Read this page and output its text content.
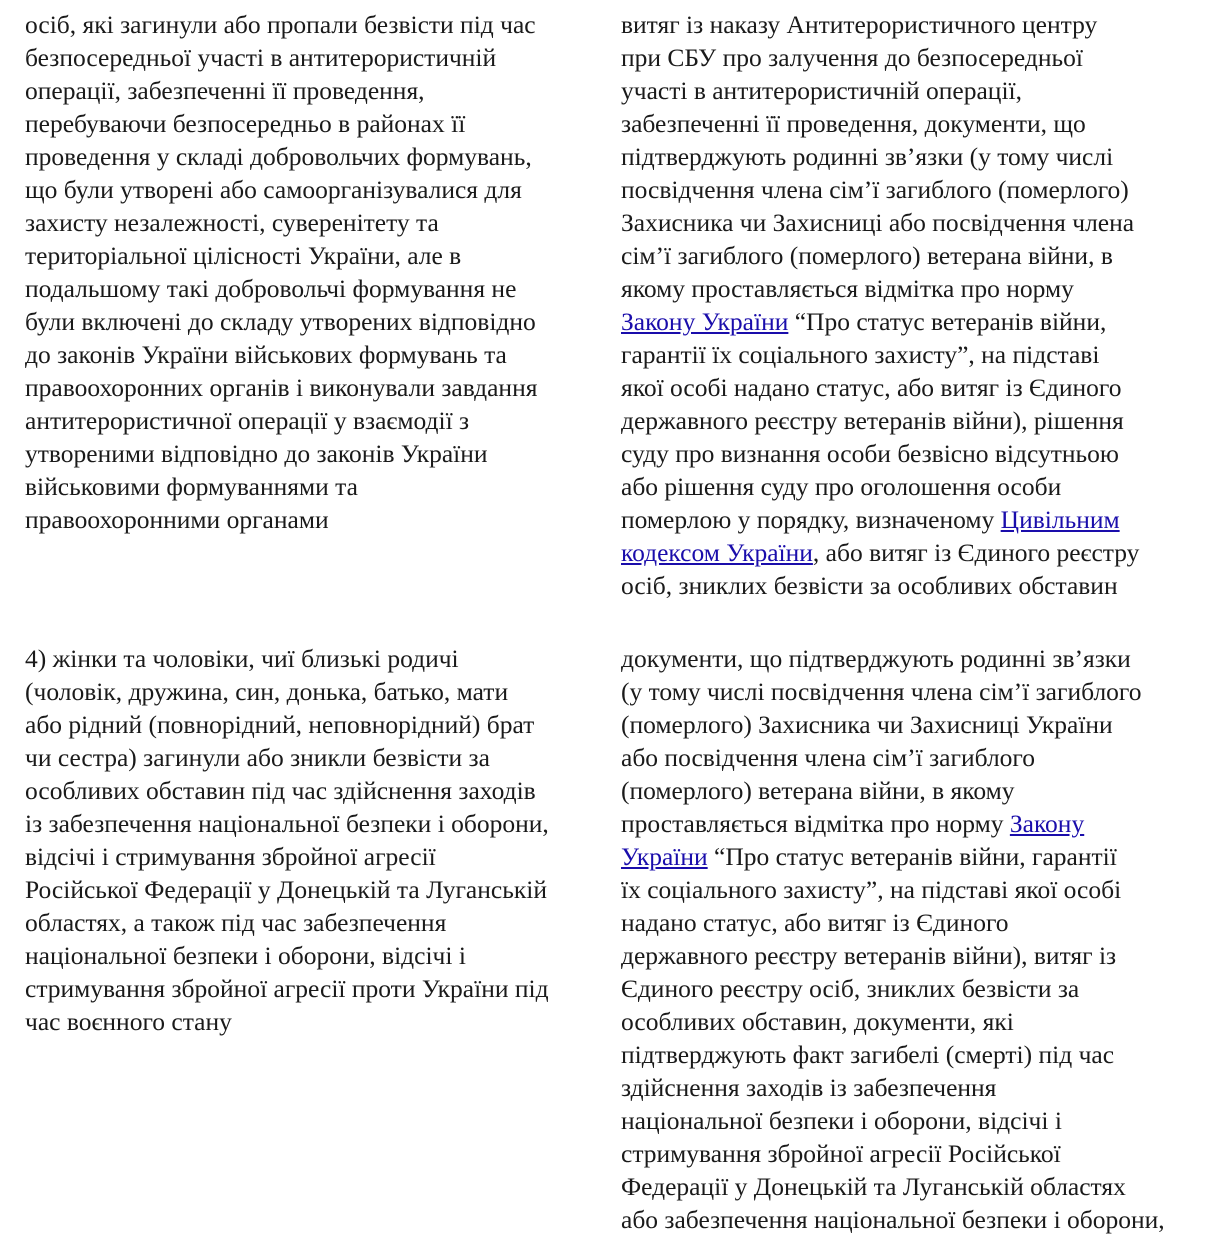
осіб, які загинули або пропали безвісти під час
безпосередньої участі в антитерористичній
операції, забезпеченні її проведення,
перебуваючи безпосередньо в районах її
проведення у складі добровольчих формувань,
що були утворені або самоорганізувалися для
захисту незалежності, суверенітету та
територіальної цілісності України, але в
подальшому такі добровольчі формування не
були включені до складу утворених відповідно
до законів України військових формувань та
правоохоронних органів і виконували завдання
антитерористичної операції у взаємодії з
утвореними відповідно до законів України
військовими формуваннями та
правоохоронними органами

витяг із наказу Антитерористичного центру
при СБУ про залучення до безпосередньої
участі в антитерористичній операції,
забезпеченні її проведення, документи, що
підтверджують родинні зв’язки (у тому числі
посвідчення члена сім’ї загиблого (померлого)
Захисника чи Захисниці або посвідчення члена
сім’ї загиблого (померлого) ветерана війни, в
якому проставляється відмітка про норму
Закону України “Про статус ветеранів війни,
гарантії їх соціального захисту”, на підставі
якої особі надано статус, або витяг із Єдиного
державного реєстру ветеранів війни), рішення
суду про визнання особи безвісно відсутньою
або рішення суду про оголошення особи
померлою у порядку, визначеному Цивільним
кодексом України, або витяг із Єдиного реєстру
осіб, зниклих безвісти за особливих обставин

4) жінки та чоловіки, чиї близькі родичі
(чоловік, дружина, син, донька, батько, мати
або рідний (повнорідний, неповнорідний) брат
чи сестра) загинули або зникли безвісти за
особливих обставин під час здійснення заходів
із забезпечення національної безпеки і оборони,
відсічі і стримування збройної агресії
Російської Федерації у Донецькій та Луганській
областях, а також під час забезпечення
національної безпеки і оборони, відсічі і
стримування збройної агресії проти України під
час воєнного стану

документи, що підтверджують родинні зв’язки
(у тому числі посвідчення члена сім’ї загиблого
(померлого) Захисника чи Захисниці України
або посвідчення члена сім’ї загиблого
(померлого) ветерана війни, в якому
проставляється відмітка про норму Закону
України “Про статус ветеранів війни, гарантії
їх соціального захисту”, на підставі якої особі
надано статус, або витяг із Єдиного
державного реєстру ветеранів війни), витяг із
Єдиного реєстру осіб, зниклих безвісти за
особливих обставин, документи, які
підтверджують факт загибелі (смерті) під час
здійснення заходів із забезпечення
національної безпеки і оборони, відсічі і
стримування збройної агресії Російської
Федерації у Донецькій та Луганській областях
або забезпечення національної безпеки і оборони,
